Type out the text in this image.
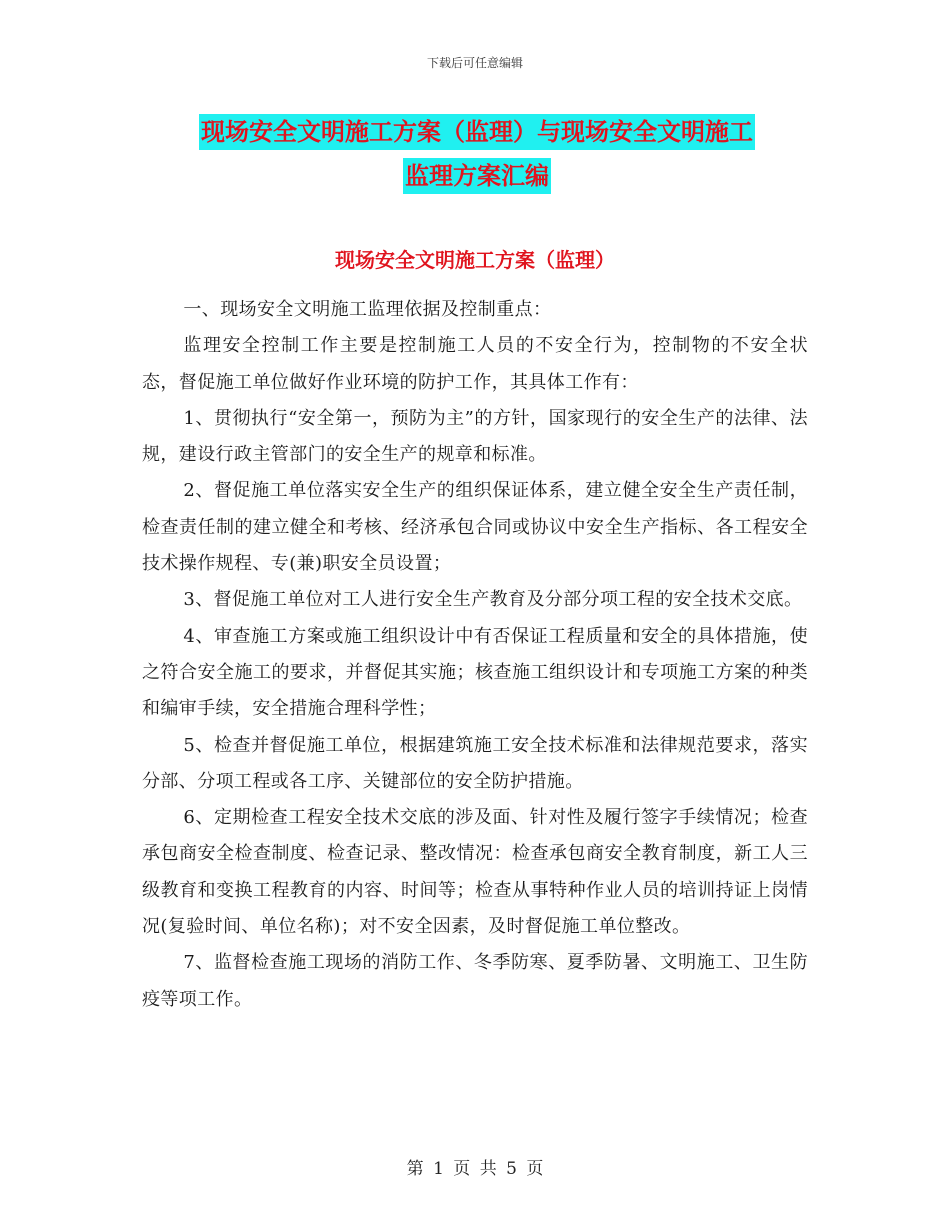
下载后可任意编辑
现场安全文明施工方案（监理）与现场安全文明施工
监理方案汇编
现场安全文明施工方案（监理）

一、现场安全文明施工监理依据及控制重点：

监理安全控制工作主要是控制施工人员的不安全行为，控制物的不安全状态，督促施工单位做好作业环境的防护工作，其具体工作有：

1、贯彻执行“安全第一，预防为主”的方针，国家现行的安全生产的法律、法规，建设行政主管部门的安全生产的规章和标准。

2、督促施工单位落实安全生产的组织保证体系，建立健全安全生产责任制，检查责任制的建立健全和考核、经济承包合同或协议中安全生产指标、各工程安全技术操作规程、专(兼)职安全员设置；

3、督促施工单位对工人进行安全生产教育及分部分项工程的安全技术交底。

4、审查施工方案或施工组织设计中有否保证工程质量和安全的具体措施，使之符合安全施工的要求，并督促其实施；核查施工组织设计和专项施工方案的种类和编审手续，安全措施合理科学性；

5、检查并督促施工单位，根据建筑施工安全技术标准和法律规范要求，落实分部、分项工程或各工序、关键部位的安全防护措施。

6、定期检查工程安全技术交底的涉及面、针对性及履行签字手续情况；检查承包商安全检查制度、检查记录、整改情况：检查承包商安全教育制度，新工人三级教育和变换工程教育的内容、时间等；检查从事特种作业人员的培训持证上岗情况(复验时间、单位名称)；对不安全因素，及时督促施工单位整改。

7、监督检查施工现场的消防工作、冬季防寒、夏季防暑、文明施工、卫生防疫等项工作。

第 1 页 共 5 页
